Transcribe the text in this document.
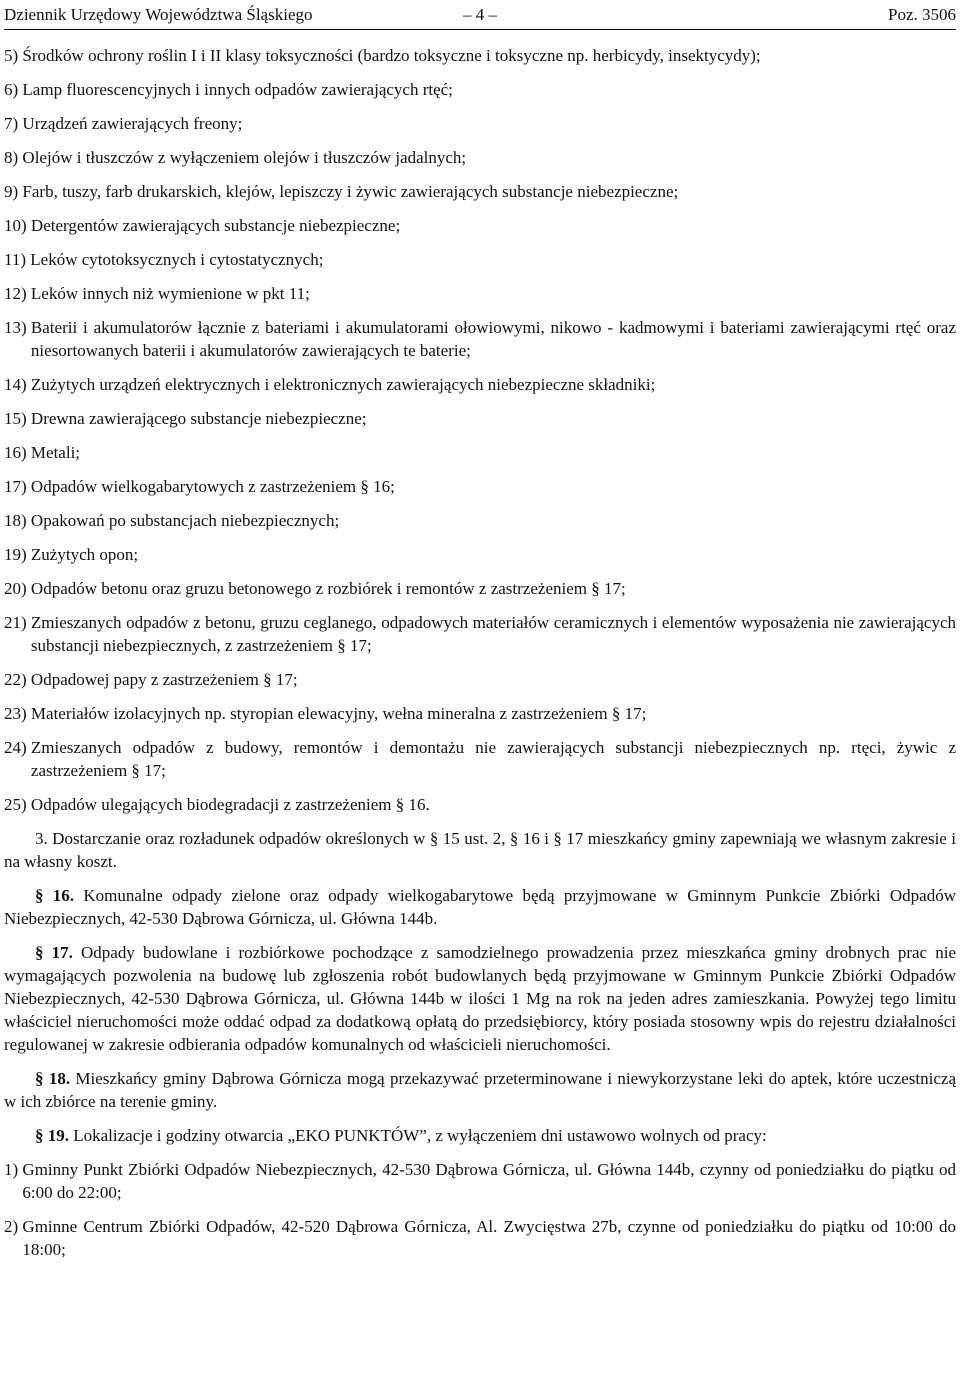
Dziennik Urzędowy Województwa Śląskiego	– 4 –	Poz. 3506
5) Środków ochrony roślin I i II klasy toksyczności (bardzo toksyczne i toksyczne np. herbicydy, insektycydy);
6) Lamp fluorescencyjnych i innych odpadów zawierających rtęć;
7) Urządzeń zawierających freony;
8) Olejów i tłuszczów z wyłączeniem olejów i tłuszczów jadalnych;
9) Farb, tuszy, farb drukarskich, klejów, lepiszczy i żywic zawierających substancje niebezpieczne;
10) Detergentów zawierających substancje niebezpieczne;
11) Leków cytotoksycznych i cytostatycznych;
12) Leków innych niż wymienione w pkt 11;
13) Baterii i akumulatorów łącznie z bateriami i akumulatorami ołowiowymi, nikowo - kadmowymi i bateriami zawierającymi rtęć oraz niesortowanych baterii i akumulatorów zawierających te baterie;
14) Zużytych urządzeń elektrycznych i elektronicznych zawierających niebezpieczne składniki;
15) Drewna zawierającego substancje niebezpieczne;
16) Metali;
17) Odpadów wielkogabarytowych z zastrzeżeniem § 16;
18) Opakowań po substancjach niebezpiecznych;
19) Zużytych opon;
20) Odpadów betonu oraz gruzu betonowego z rozbiórek i remontów z zastrzeżeniem § 17;
21) Zmieszanych odpadów z betonu, gruzu ceglanego, odpadowych materiałów ceramicznych i elementów wyposażenia nie zawierających substancji niebezpiecznych, z zastrzeżeniem § 17;
22) Odpadowej papy z zastrzeżeniem § 17;
23) Materiałów izolacyjnych np. styropian elewacyjny, wełna mineralna z zastrzeżeniem § 17;
24) Zmieszanych odpadów z budowy, remontów i demontażu nie zawierających substancji niebezpiecznych np. rtęci, żywic z zastrzeżeniem § 17;
25) Odpadów ulegających biodegradacji z zastrzeżeniem § 16.
3. Dostarczanie oraz rozładunek odpadów określonych w § 15 ust. 2, § 16 i § 17 mieszkańcy gminy zapewniają we własnym zakresie i na własny koszt.
§ 16. Komunalne odpady zielone oraz odpady wielkogabarytowe będą przyjmowane w Gminnym Punkcie Zbiórki Odpadów Niebezpiecznych, 42-530 Dąbrowa Górnicza, ul. Główna 144b.
§ 17. Odpady budowlane i rozbiórkowe pochodzące z samodzielnego prowadzenia przez mieszkańca gminy drobnych prac nie wymagających pozwolenia na budowę lub zgłoszenia robót budowlanych będą przyjmowane w Gminnym Punkcie Zbiórki Odpadów Niebezpiecznych, 42-530 Dąbrowa Górnicza, ul. Główna 144b w ilości 1 Mg na rok na jeden adres zamieszkania. Powyżej tego limitu właściciel nieruchomości może oddać odpad za dodatkową opłatą do przedsiębiorcy, który posiada stosowny wpis do rejestru działalności regulowanej w zakresie odbierania odpadów komunalnych od właścicieli nieruchomości.
§ 18. Mieszkańcy gminy Dąbrowa Górnicza mogą przekazywać przeterminowane i niewykorzystane leki do aptek, które uczestniczą w ich zbiórce na terenie gminy.
§ 19. Lokalizacje i godziny otwarcia „EKO PUNKTÓW”, z wyłączeniem dni ustawowo wolnych od pracy:
1) Gminny Punkt Zbiórki Odpadów Niebezpiecznych, 42-530 Dąbrowa Górnicza, ul. Główna 144b, czynny od poniedziałku do piątku od 6:00 do 22:00;
2) Gminne Centrum Zbiórki Odpadów, 42-520 Dąbrowa Górnicza, Al. Zwycięstwa 27b, czynne od poniedziałku do piątku od 10:00 do 18:00;
